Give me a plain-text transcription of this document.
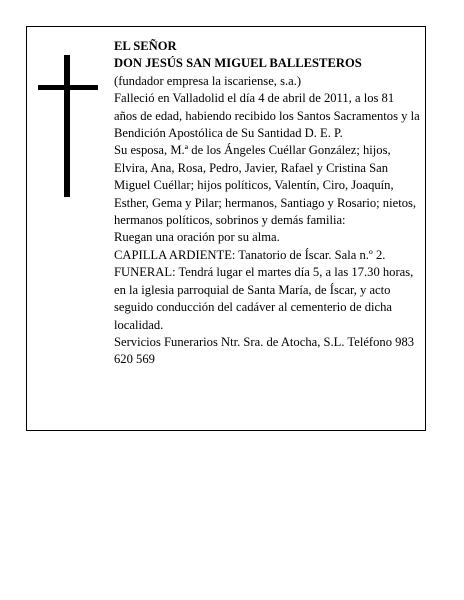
EL SEÑOR

DON JESÚS SAN MIGUEL BALLESTEROS

(fundador empresa la iscariense, s.a.)

Falleció en Valladolid el día 4 de abril de 2011, a los 81 años de edad, habiendo recibido los Santos Sacramentos y la Bendición Apostólica de Su Santidad D. E. P.

Su esposa, M.ª de los Ángeles Cuéllar González; hijos, Elvira, Ana, Rosa, Pedro, Javier, Rafael y Cristina San Miguel Cuéllar; hijos políticos, Valentín, Ciro, Joaquín, Esther, Gema y Pilar; hermanos, Santiago y Rosario; nietos, hermanos políticos, sobrinos y demás familia:

Ruegan una oración por su alma.

CAPILLA ARDIENTE: Tanatorio de Íscar. Sala n.º 2.

FUNERAL: Tendrá lugar el martes día 5, a las 17.30 horas, en la iglesia parroquial de Santa María, de Íscar, y acto seguido conducción del cadáver al cementerio de dicha localidad.

Servicios Funerarios Ntr. Sra. de Atocha, S.L. Teléfono 983 620 569
